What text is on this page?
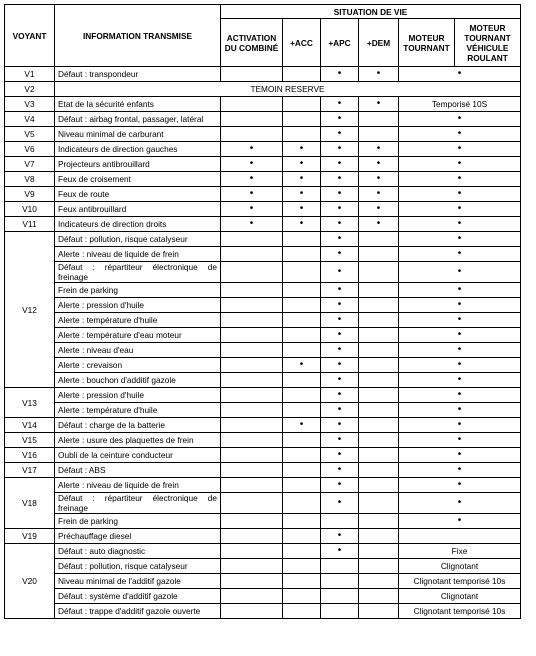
VOYANT	INFORMATION TRANSMISE	SITUATION DE VIE					
		ACTIVATION DU COMBINÉ	+ACC	+APC	+DEM	MOTEUR TOURNANT	MOTEUR TOURNANT VÉHICULE ROULANT
V1	Défaut : transpondeur			•	•	•	
V2	TEMOIN RESERVE						
V3	Etat de la sécurité enfants			•	•	Temporisé 10S	
V4	Défaut : airbag frontal, passager, latéral			•		•	
V5	Niveau minimal de carburant			•		•	
V6	Indicateurs de direction gauches	•	•	•	•	•	
V7	Projecteurs antibrouillard	•	•	•	•	•	
V8	Feux de croisement	•	•	•	•	•	
V9	Feux de route	•	•	•	•	•	
V10	Feux antibrouillard	•	•	•	•	•	
V11	Indicateurs de direction droits	•	•	•	•	•	
V12	Défaut : pollution, risque catalyseur			•		•	
	Alerte : niveau de liquide de frein			•		•	
	Défaut : répartiteur électronique de freinage			•		•	
	Frein de parking			•		•	
	Alerte : pression d'huile			•		•	
	Alerte : température d'huile			•		•	
	Alerte : température d'eau moteur			•		•	
	Alerte : niveau d'eau			•		•	
	Alerte : crevaison		•	•		•	
	Alerte : bouchon d'additif gazole			•		•	
V13	Alerte : pression d'huile			•		•	
	Alerte : température d'huile			•		•	
V14	Défaut : charge de la batterie		•	•		•	
V15	Alerte : usure des plaquettes de frein			•		•	
V16	Oubli de la ceinture conducteur			•		•	
V17	Défaut : ABS			•		•	
V18	Alerte : niveau de liquide de frein			•		•	
	Défaut : répartiteur électronique de freinage			•		•	
	Frein de parking					•	
V19	Préchauffage diesel			•			
V20	Défaut : auto diagnostic			•		Fixe	
	Défaut : pollution, risque catalyseur					Clignotant	
	Niveau minimal de l'additif gazole					Clignotant temporisé 10s	
	Défaut : système d'additif gazole					Clignotant	
	Défaut : trappe d'additif gazole ouverte					Clignotant temporisé 10s	
